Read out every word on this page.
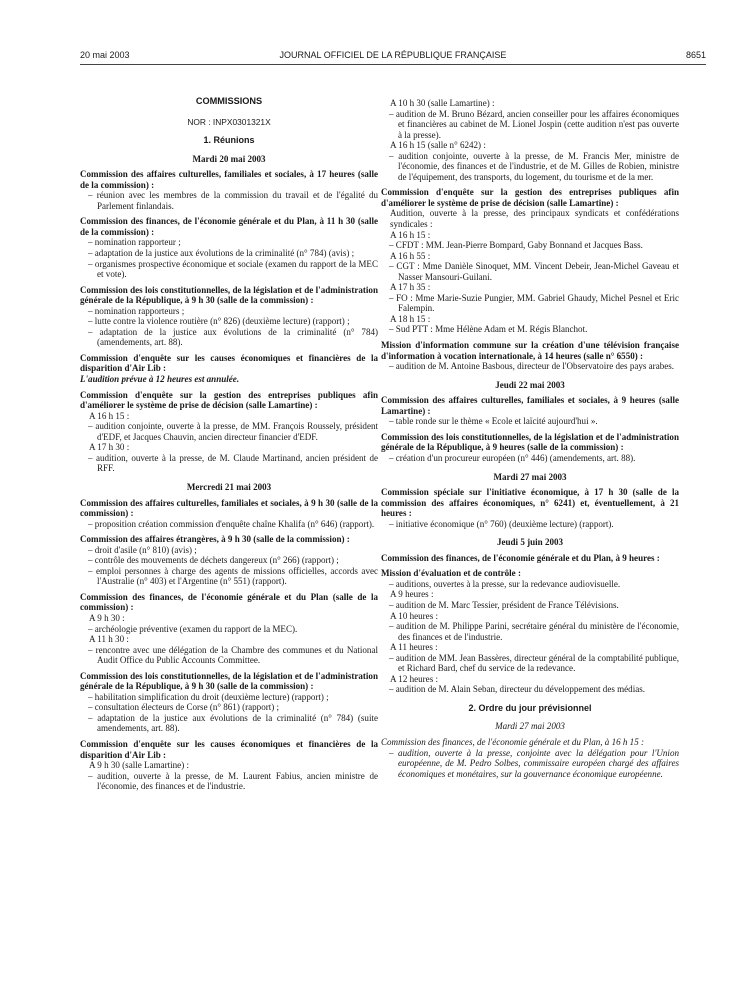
20 mai 2003	JOURNAL OFFICIEL DE LA RÉPUBLIQUE FRANÇAISE	8651

COMMISSIONS

NOR : INPX0301321X

1. Réunions

Mardi 20 mai 2003

Commission des affaires culturelles, familiales et sociales, à 17 heures (salle de la commission) :

– réunion avec les membres de la commission du travail et de l'égalité du Parlement finlandais.

Commission des finances, de l'économie générale et du Plan, à 11 h 30 (salle de la commission) :

– nomination rapporteur ;

– adaptation de la justice aux évolutions de la criminalité (n° 784) (avis) ;

– organismes prospective économique et sociale (examen du rapport de la MEC et vote).

Commission des lois constitutionnelles, de la législation et de l'administration générale de la République, à 9 h 30 (salle de la commission) :

– nomination rapporteurs ;

– lutte contre la violence routière (n° 826) (deuxième lecture) (rapport) ;

– adaptation de la justice aux évolutions de la criminalité (n° 784) (amendements, art. 88).

Commission d'enquête sur les causes économiques et financières de la disparition d'Air Lib :

L'audition prévue à 12 heures est annulée.

Commission d'enquête sur la gestion des entreprises publiques afin d'améliorer le système de prise de décision (salle Lamartine) :

A 16 h 15 :

– audition conjointe, ouverte à la presse, de MM. François Roussely, président d'EDF, et Jacques Chauvin, ancien directeur financier d'EDF.

A 17 h 30 :

– audition, ouverte à la presse, de M. Claude Martinand, ancien président de RFF.

Mercredi 21 mai 2003

Commission des affaires culturelles, familiales et sociales, à 9 h 30 (salle de la commission) :

– proposition création commission d'enquête chaîne Khalifa (n° 646) (rapport).

Commission des affaires étrangères, à 9 h 30 (salle de la commission) :

– droit d'asile (n° 810) (avis) ;

– contrôle des mouvements de déchets dangereux (n° 266) (rapport) ;

– emploi personnes à charge des agents de missions officielles, accords avec l'Australie (n° 403) et l'Argentine (n° 551) (rapport).

Commission des finances, de l'économie générale et du Plan (salle de la commission) :

A 9 h 30 :

– archéologie préventive (examen du rapport de la MEC).

A 11 h 30 :

– rencontre avec une délégation de la Chambre des communes et du National Audit Office du Public Accounts Committee.

Commission des lois constitutionnelles, de la législation et de l'administration générale de la République, à 9 h 30 (salle de la commission) :

– habilitation simplification du droit (deuxième lecture) (rapport) ;

– consultation électeurs de Corse (n° 861) (rapport) ;

– adaptation de la justice aux évolutions de la criminalité (n° 784) (suite amendements, art. 88).

Commission d'enquête sur les causes économiques et financières de la disparition d'Air Lib :

A 9 h 30 (salle Lamartine) :

– audition, ouverte à la presse, de M. Laurent Fabius, ancien ministre de l'économie, des finances et de l'industrie.

A 10 h 30 (salle Lamartine) :

– audition de M. Bruno Bézard, ancien conseiller pour les affaires économiques et financières au cabinet de M. Lionel Jospin (cette audition n'est pas ouverte à la presse).

A 16 h 15 (salle n° 6242) :

– audition conjointe, ouverte à la presse, de M. Francis Mer, ministre de l'économie, des finances et de l'industrie, et de M. Gilles de Robien, ministre de l'équipement, des transports, du logement, du tourisme et de la mer.

Commission d'enquête sur la gestion des entreprises publiques afin d'améliorer le système de prise de décision (salle Lamartine) :

Audition, ouverte à la presse, des principaux syndicats et confédérations syndicales :

A 16 h 15 :

– CFDT : MM. Jean-Pierre Bompard, Gaby Bonnand et Jacques Bass.

A 16 h 55 :

– CGT : Mme Danièle Sinoquet, MM. Vincent Debeir, Jean-Michel Gaveau et Nasser Mansouri-Guilani.

A 17 h 35 :

– FO : Mme Marie-Suzie Pungier, MM. Gabriel Ghaudy, Michel Pesnel et Eric Falempin.

A 18 h 15 :

– Sud PTT : Mme Hélène Adam et M. Régis Blanchot.

Mission d'information commune sur la création d'une télévision française d'information à vocation internationale, à 14 heures (salle n° 6550) :

– audition de M. Antoine Basbous, directeur de l'Observatoire des pays arabes.

Jeudi 22 mai 2003

Commission des affaires culturelles, familiales et sociales, à 9 heures (salle Lamartine) :

– table ronde sur le thème « Ecole et laïcité aujourd'hui ».

Commission des lois constitutionnelles, de la législation et de l'administration générale de la République, à 9 heures (salle de la commission) :

– création d'un procureur européen (n° 446) (amendements, art. 88).

Mardi 27 mai 2003

Commission spéciale sur l'initiative économique, à 17 h 30 (salle de la commission des affaires économiques, n° 6241) et, éventuellement, à 21 heures :

– initiative économique (n° 760) (deuxième lecture) (rapport).

Jeudi 5 juin 2003

Commission des finances, de l'économie générale et du Plan, à 9 heures :

Mission d'évaluation et de contrôle :

– auditions, ouvertes à la presse, sur la redevance audiovisuelle.

A 9 heures :

– audition de M. Marc Tessier, président de France Télévisions.

A 10 heures :

– audition de M. Philippe Parini, secrétaire général du ministère de l'économie, des finances et de l'industrie.

A 11 heures :

– audition de MM. Jean Bassères, directeur général de la comptabilité publique, et Richard Bard, chef du service de la redevance.

A 12 heures :

– audition de M. Alain Seban, directeur du développement des médias.

2. Ordre du jour prévisionnel

Mardi 27 mai 2003

Commission des finances, de l'économie générale et du Plan, à 16 h 15 :

– audition, ouverte à la presse, conjointe avec la délégation pour l'Union européenne, de M. Pedro Solbes, commissaire européen chargé des affaires économiques et monétaires, sur la gouvernance économique européenne.
